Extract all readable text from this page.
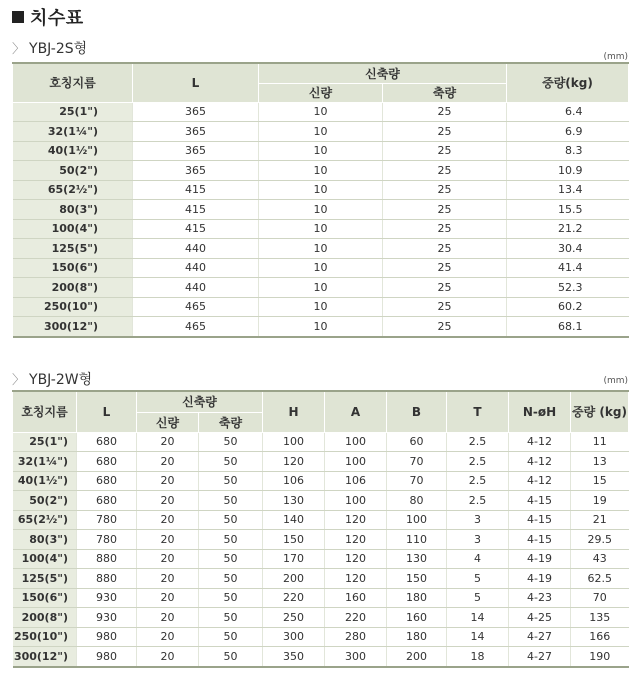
치수표
〉 YBJ-2S형	(mm)
호칭지름	L	신축량		중량(kg)
		신량	축량	
25(1")	365	10	25	6.4
32(1¼")	365	10	25	6.9
40(1½")	365	10	25	8.3
50(2")	365	10	25	10.9
65(2½")	415	10	25	13.4
80(3")	415	10	25	15.5
100(4")	415	10	25	21.2
125(5")	440	10	25	30.4
150(6")	440	10	25	41.4
200(8")	440	10	25	52.3
250(10")	465	10	25	60.2
300(12")	465	10	25	68.1
〉 YBJ-2W형	(mm)
호칭지름	L	신축량		H	A	B	T	N-øH	중량 (kg)
		신량	축량						
25(1")	680	20	50	100	100	60	2.5	4-12	11
32(1¼")	680	20	50	120	100	70	2.5	4-12	13
40(1½")	680	20	50	106	106	70	2.5	4-12	15
50(2")	680	20	50	130	100	80	2.5	4-15	19
65(2½")	780	20	50	140	120	100	3	4-15	21
80(3")	780	20	50	150	120	110	3	4-15	29.5
100(4")	880	20	50	170	120	130	4	4-19	43
125(5")	880	20	50	200	120	150	5	4-19	62.5
150(6")	930	20	50	220	160	180	5	4-23	70
200(8")	930	20	50	250	220	160	14	4-25	135
250(10")	980	20	50	300	280	180	14	4-27	166
300(12")	980	20	50	350	300	200	18	4-27	190
